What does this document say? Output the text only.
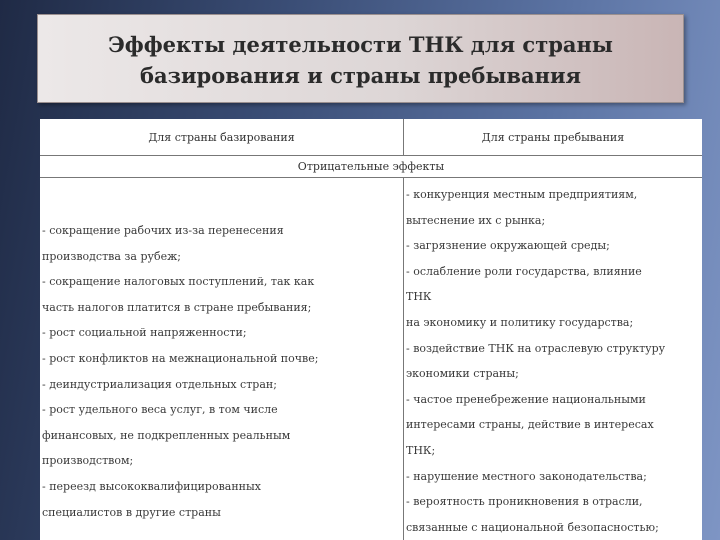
Эффекты деятельности ТНК для страны
базирования и страны пребывания
Для страны базирования	Для страны пребывания
Отрицательные эффекты
- сокращение рабочих из-за перенесения
производства за рубеж;
- сокращение налоговых поступлений, так как
часть налогов платится в стране пребывания;
- рост социальной напряженности;
- рост конфликтов на межнациональной почве;
- деиндустриализация отдельных стран;
- рост удельного веса услуг, в том числе
финансовых, не подкрепленных реальным
производством;
- переезд высококвалифицированных
специалистов в другие страны
- конкуренция местным предприятиям,
вытеснение их с рынка;
- загрязнение окружающей среды;
- ослабление роли государства, влияние
ТНК
на экономику и политику государства;
- воздействие ТНК на отраслевую структуру
экономики страны;
- частое пренебрежение национальными
интересами страны, действие в интересах
ТНК;
- нарушение местного законодательства;
- вероятность проникновения в отрасли,
связанные с национальной безопасностью;
